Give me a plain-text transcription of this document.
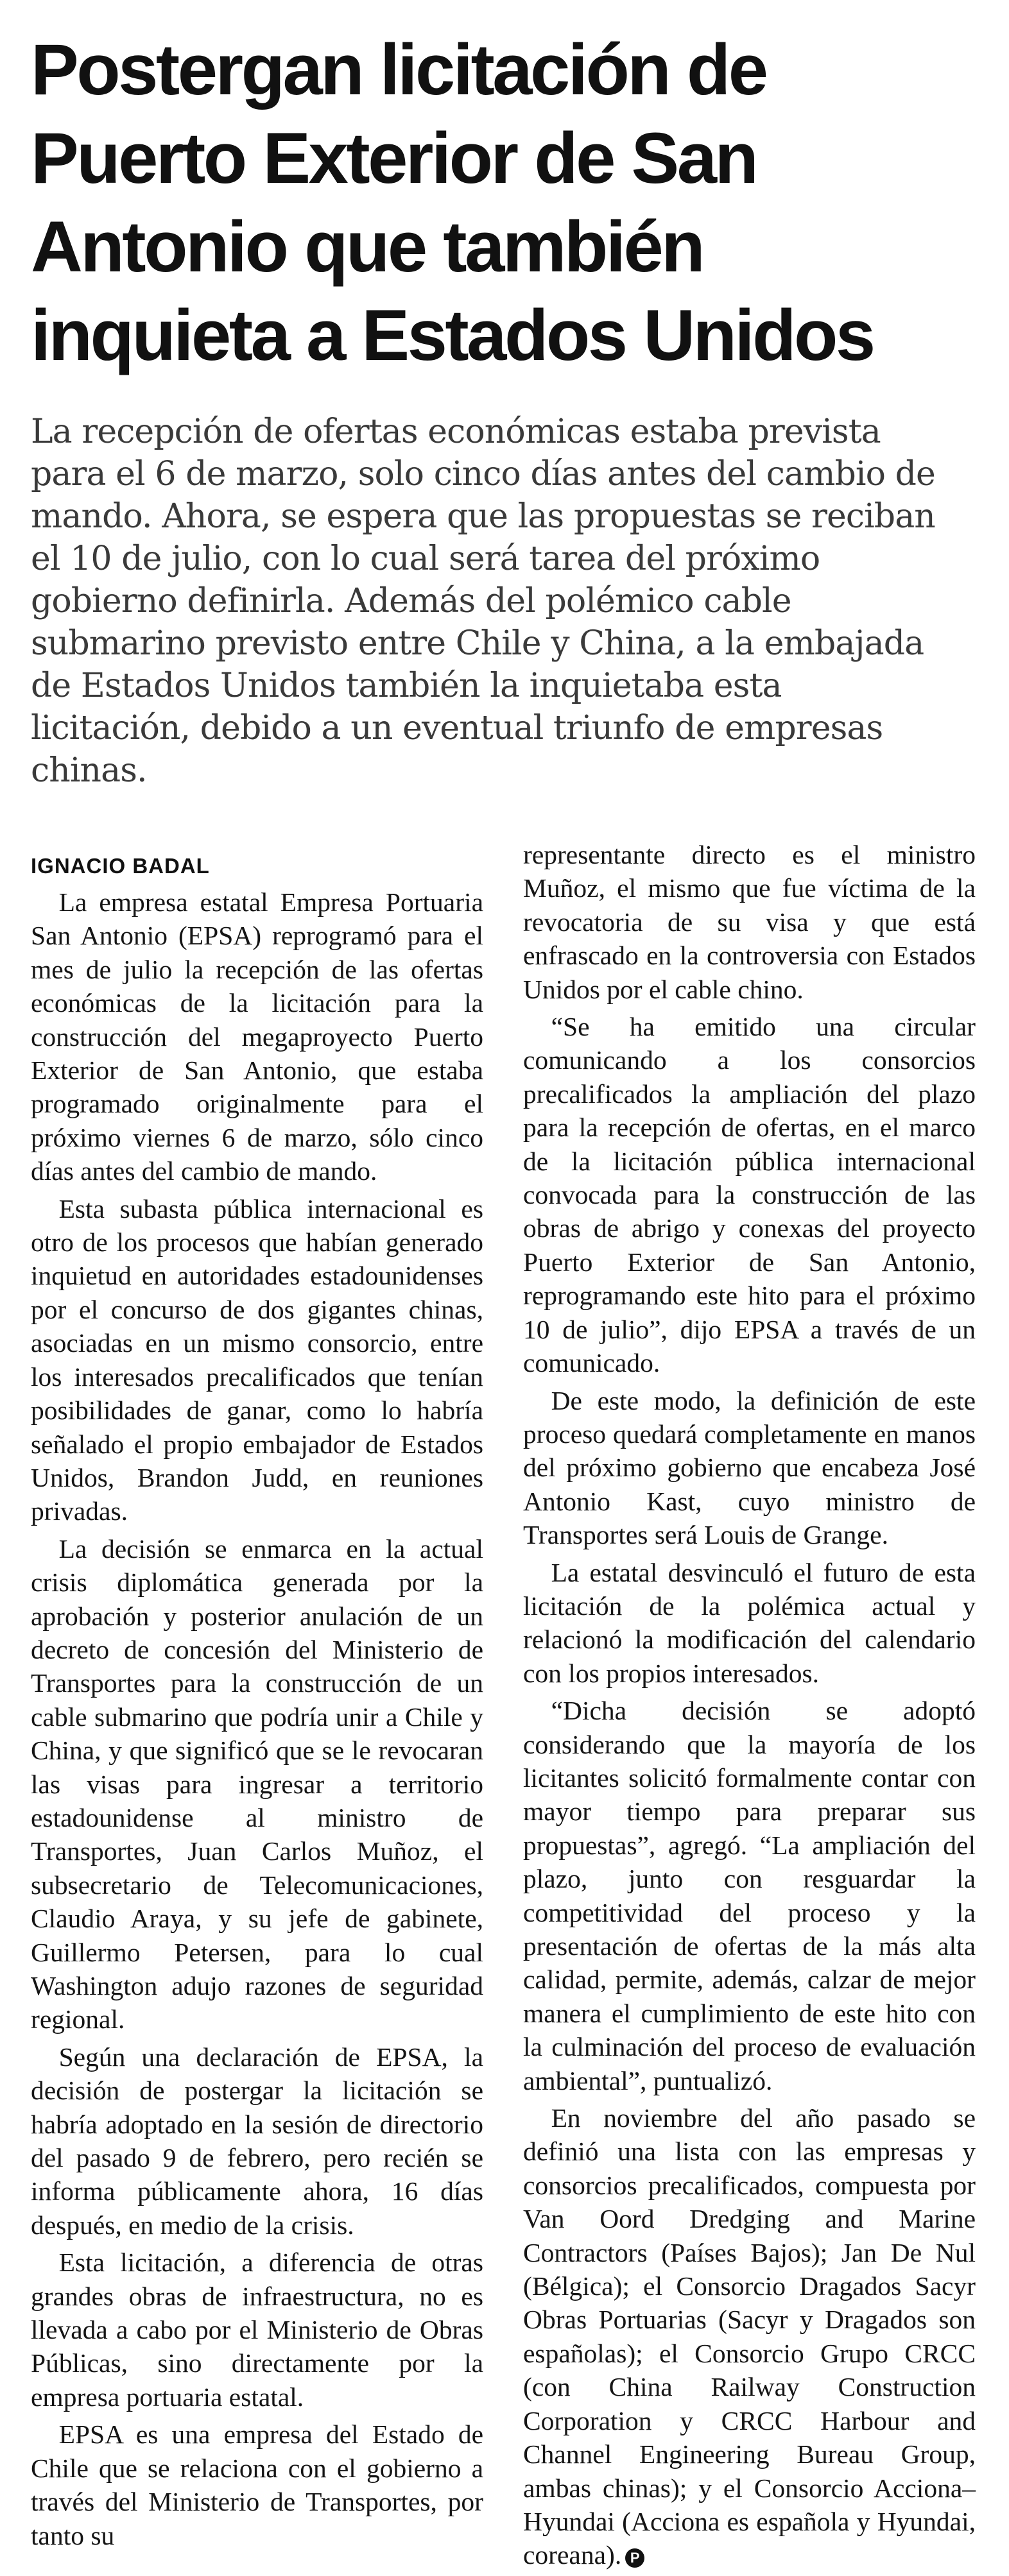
Postergan licitación de
Puerto Exterior de San
Antonio que también
inquieta a Estados Unidos

La recepción de ofertas económicas estaba prevista
para el 6 de marzo, solo cinco días antes del cambio de
mando. Ahora, se espera que las propuestas se reciban
el 10 de julio, con lo cual será tarea del próximo
gobierno definirla. Además del polémico cable
submarino previsto entre Chile y China, a la embajada
de Estados Unidos también la inquietaba esta
licitación, debido a un eventual triunfo de empresas
chinas.

IGNACIO BADAL

La empresa estatal Empresa Portuaria San Antonio (EPSA) reprogramó para el mes de julio la recepción de las ofertas económicas de la licitación para la construcción del megaproyecto Puerto Exterior de San Antonio, que estaba programado originalmente para el próximo viernes 6 de marzo, sólo cinco días antes del cambio de mando.

Esta subasta pública internacional es otro de los procesos que habían generado inquietud en autoridades estadounidenses por el concurso de dos gigantes chinas, asociadas en un mismo consorcio, entre los interesados precalificados que tenían posibilidades de ganar, como lo habría señalado el propio embajador de Estados Unidos, Brandon Judd, en reuniones privadas.

La decisión se enmarca en la actual crisis diplomática generada por la aprobación y posterior anulación de un decreto de concesión del Ministerio de Transportes para la construcción de un cable submarino que podría unir a Chile y China, y que significó que se le revocaran las visas para ingresar a territorio estadounidense al ministro de Transportes, Juan Carlos Muñoz, el subsecretario de Telecomunicaciones, Claudio Araya, y su jefe de gabinete, Guillermo Petersen, para lo cual Washington adujo razones de seguridad regional.

Según una declaración de EPSA, la decisión de postergar la licitación se habría adoptado en la sesión de directorio del pasado 9 de febrero, pero recién se informa públicamente ahora, 16 días después, en medio de la crisis.

Esta licitación, a diferencia de otras grandes obras de infraestructura, no es llevada a cabo por el Ministerio de Obras Públicas, sino directamente por la empresa portuaria estatal.

EPSA es una empresa del Estado de Chile que se relaciona con el gobierno a través del Ministerio de Transportes, por tanto su

representante directo es el ministro Muñoz, el mismo que fue víctima de la revocatoria de su visa y que está enfrascado en la controversia con Estados Unidos por el cable chino.

“Se ha emitido una circular comunicando a los consorcios precalificados la ampliación del plazo para la recepción de ofertas, en el marco de la licitación pública internacional convocada para la construcción de las obras de abrigo y conexas del proyecto Puerto Exterior de San Antonio, reprogramando este hito para el próximo 10 de julio”, dijo EPSA a través de un comunicado.

De este modo, la definición de este proceso quedará completamente en manos del próximo gobierno que encabeza José Antonio Kast, cuyo ministro de Transportes será Louis de Grange.

La estatal desvinculó el futuro de esta licitación de la polémica actual y relacionó la modificación del calendario con los propios interesados.

“Dicha decisión se adoptó considerando que la mayoría de los licitantes solicitó formalmente contar con mayor tiempo para preparar sus propuestas”, agregó. “La ampliación del plazo, junto con resguardar la competitividad del proceso y la presentación de ofertas de la más alta calidad, permite, además, calzar de mejor manera el cumplimiento de este hito con la culminación del proceso de evaluación ambiental”, puntualizó.

En noviembre del año pasado se definió una lista con las empresas y consorcios precalificados, compuesta por Van Oord Dredging and Marine Contractors (Países Bajos); Jan De Nul (Bélgica); el Consorcio Dragados Sacyr Obras Portuarias (Sacyr y Dragados son españolas); el Consorcio Grupo CRCC (con China Railway Construction Corporation y CRCC Harbour and Channel Engineering Bureau Group, ambas chinas); y el Consorcio Acciona–Hyundai (Acciona es española y Hyundai, coreana). P
